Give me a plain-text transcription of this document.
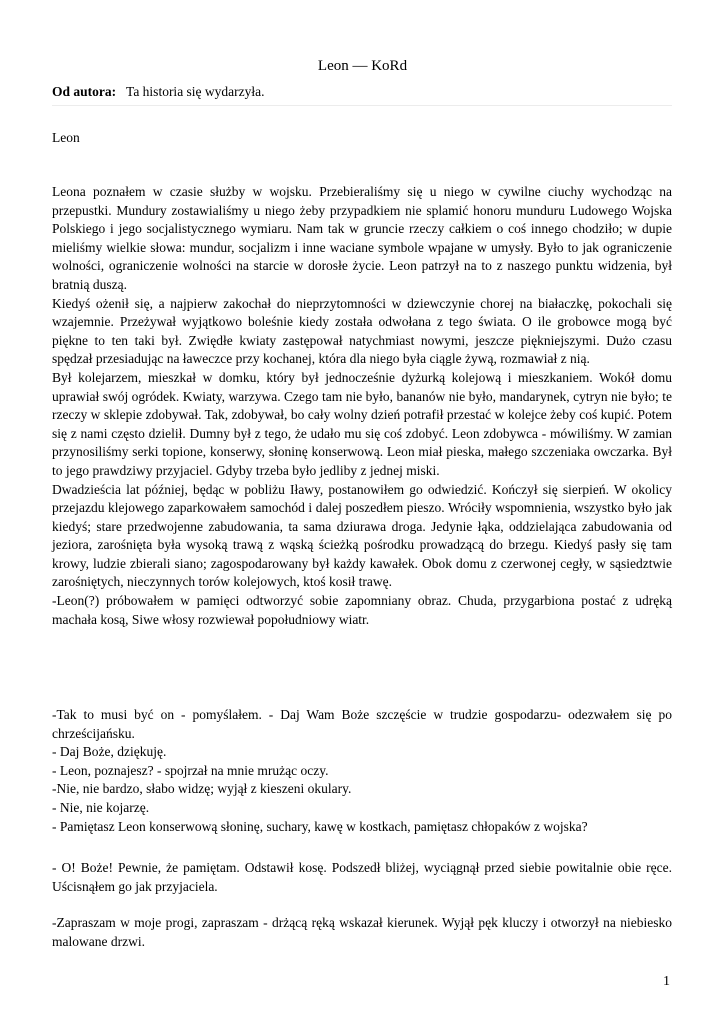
Leon — KoRd
Od autora: Ta historia się wydarzyła.
Leon

Leona poznałem w czasie służby w wojsku. Przebieraliśmy się u niego w cywilne ciuchy wychodząc na przepustki. Mundury zostawialiśmy u niego żeby przypadkiem nie splamić honoru munduru Ludowego Wojska Polskiego i jego socjalistycznego wymiaru. Nam tak w gruncie rzeczy całkiem o coś innego chodziło; w dupie mieliśmy wielkie słowa: mundur, socjalizm i inne waciane symbole wpajane w umysły. Było to jak ograniczenie wolności, ograniczenie wolności na starcie w dorosłe życie. Leon patrzył na to z naszego punktu widzenia, był bratnią duszą.

Kiedyś ożenił się, a najpierw zakochał do nieprzytomności w dziewczynie chorej na białaczkę, pokochali się wzajemnie. Przeżywał wyjątkowo boleśnie kiedy została odwołana z tego świata. O ile grobowce mogą być piękne to ten taki był. Zwiędłe kwiaty zastępował natychmiast nowymi, jeszcze piękniejszymi. Dużo czasu spędzał przesiadując na ławeczce przy kochanej, która dla niego była ciągle żywą, rozmawiał z nią.

Był kolejarzem, mieszkał w domku, który był jednocześnie dyżurką kolejową i mieszkaniem. Wokół domu uprawiał swój ogródek. Kwiaty, warzywa. Czego tam nie było, bananów nie było, mandarynek, cytryn nie było; te rzeczy w sklepie zdobywał. Tak, zdobywał, bo cały wolny dzień potrafił przestać w kolejce żeby coś kupić. Potem się z nami często dzielił. Dumny był z tego, że udało mu się coś zdobyć. Leon zdobywca - mówiliśmy. W zamian przynosiliśmy serki topione, konserwy, słoninę konserwową. Leon miał pieska, małego szczeniaka owczarka. Był to jego prawdziwy przyjaciel. Gdyby trzeba było jedliby z jednej miski.

Dwadzieścia lat później, będąc w pobliżu Iławy, postanowiłem go odwiedzić. Kończył się sierpień. W okolicy przejazdu klejowego zaparkowałem samochód i dalej poszedłem pieszo. Wróciły wspomnienia, wszystko było jak kiedyś; stare przedwojenne zabudowania, ta sama dziurawa droga. Jedynie łąka, oddzielająca zabudowania od jeziora, zarośnięta była wysoką trawą z wąską ścieżką pośrodku prowadzącą do brzegu. Kiedyś pasły się tam krowy, ludzie zbierali siano; zagospodarowany był każdy kawałek. Obok domu z czerwonej cegły, w sąsiedztwie zarośniętych, nieczynnych torów kolejowych, ktoś kosił trawę.

-Leon(?) próbowałem w pamięci odtworzyć sobie zapomniany obraz. Chuda, przygarbiona postać z udręką machała kosą, Siwe włosy rozwiewał popołudniowy wiatr.

-Tak to musi być on - pomyślałem. - Daj Wam Boże szczęście w trudzie gospodarzu- odezwałem się po chrześcijańsku.

- Daj Boże, dziękuję.

- Leon, poznajesz? - spojrzał na mnie mrużąc oczy.

-Nie, nie bardzo, słabo widzę; wyjął z kieszeni okulary.

- Nie, nie kojarzę.

- Pamiętasz Leon konserwową słoninę, suchary, kawę w kostkach, pamiętasz chłopaków z wojska?

- O! Boże! Pewnie, że pamiętam. Odstawił kosę. Podszedł bliżej, wyciągnął przed siebie powitalnie obie ręce. Uścisnąłem go jak przyjaciela.

-Zapraszam w moje progi, zapraszam - drżącą ręką wskazał kierunek. Wyjął pęk kluczy i otworzył na niebiesko malowane drzwi.

1
